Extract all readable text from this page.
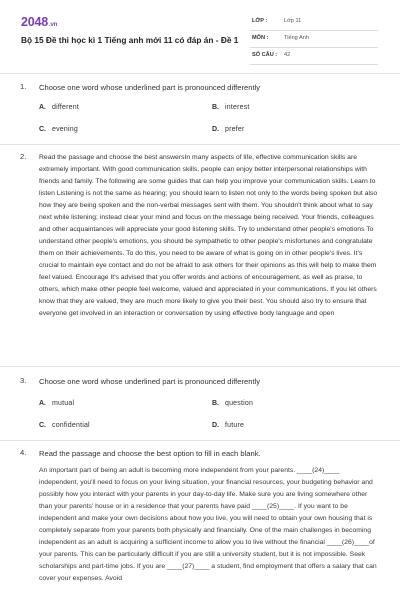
2048.vn
Bộ 15 Đề thi học kì 1 Tiếng anh mới 11 có đáp án - Đề 1
LỚP :	Lớp 11
MÔN :	Tiếng Anh
SỐ CÂU : 42
1. Choose one word whose underlined part is pronounced differently
A. different	B. interest
C. evening	D. prefer
2. Read the passage and choose the best answersIn many aspects of life, effective communication skills are extremely important. With good communication skills, people can enjoy better interpersonal relationships with friends and family. The following are some guides that can help you improve your communication skills. Learn to listen Listening is not the same as hearing; you should learn to listen not only to the words being spoken but also how they are being spoken and the non-verbal messages sent with them. You shouldn't think about what to say next while listening; instead clear your mind and focus on the message being received. Your friends, colleagues and other acquaintances will appreciate your good listening skills. Try to understand other people's emotions To understand other people's emotions, you should be sympathetic to other people's misfortunes and congratulate them on their achievements. To do this, you need to be aware of what is going on in other people's lives. It's crucial to maintain eye contact and do not be afraid to ask others for their opinions as this will help to make them feel valued. Encourage It's advised that you offer words and actions of encouragement, as well as praise, to others, which make other people feel welcome, valued and appreciated in your communications. If you let others know that they are valued, they are much more likely to give you their best. You should also try to ensure that everyone get involved in an interaction or conversation by using effective body language and open
3. Choose one word whose underlined part is pronounced differently
A. mutual	B. question
C. confidential	D. future
4. Read the passage and choose the best option to fill in each blank.

An important part of being an adult is becoming more independent from your parents. ____(24)____ independent, you'll need to focus on your living situation, your financial resources, your budgeting behavior and possibly how you interact with your parents in your day-to-day life. Make sure you are living somewhere other than your parents' house or in a residence that your parents have paid ____(25)____. If you want to be independent and make your own decisions about how you live, you will need to obtain your own housing that is completely separate from your parents both physically and financially. One of the main challenges in becoming independent as an adult is acquiring a sufficient income to allow you to live without the financial ____(26)____of your parents. This can be particularly difficult if you are still a university student, but it is not impossible. Seek scholarships and part-time jobs. If you are ____(27)____ a student, find employment that offers a salary that can cover your expenses. Avoid
